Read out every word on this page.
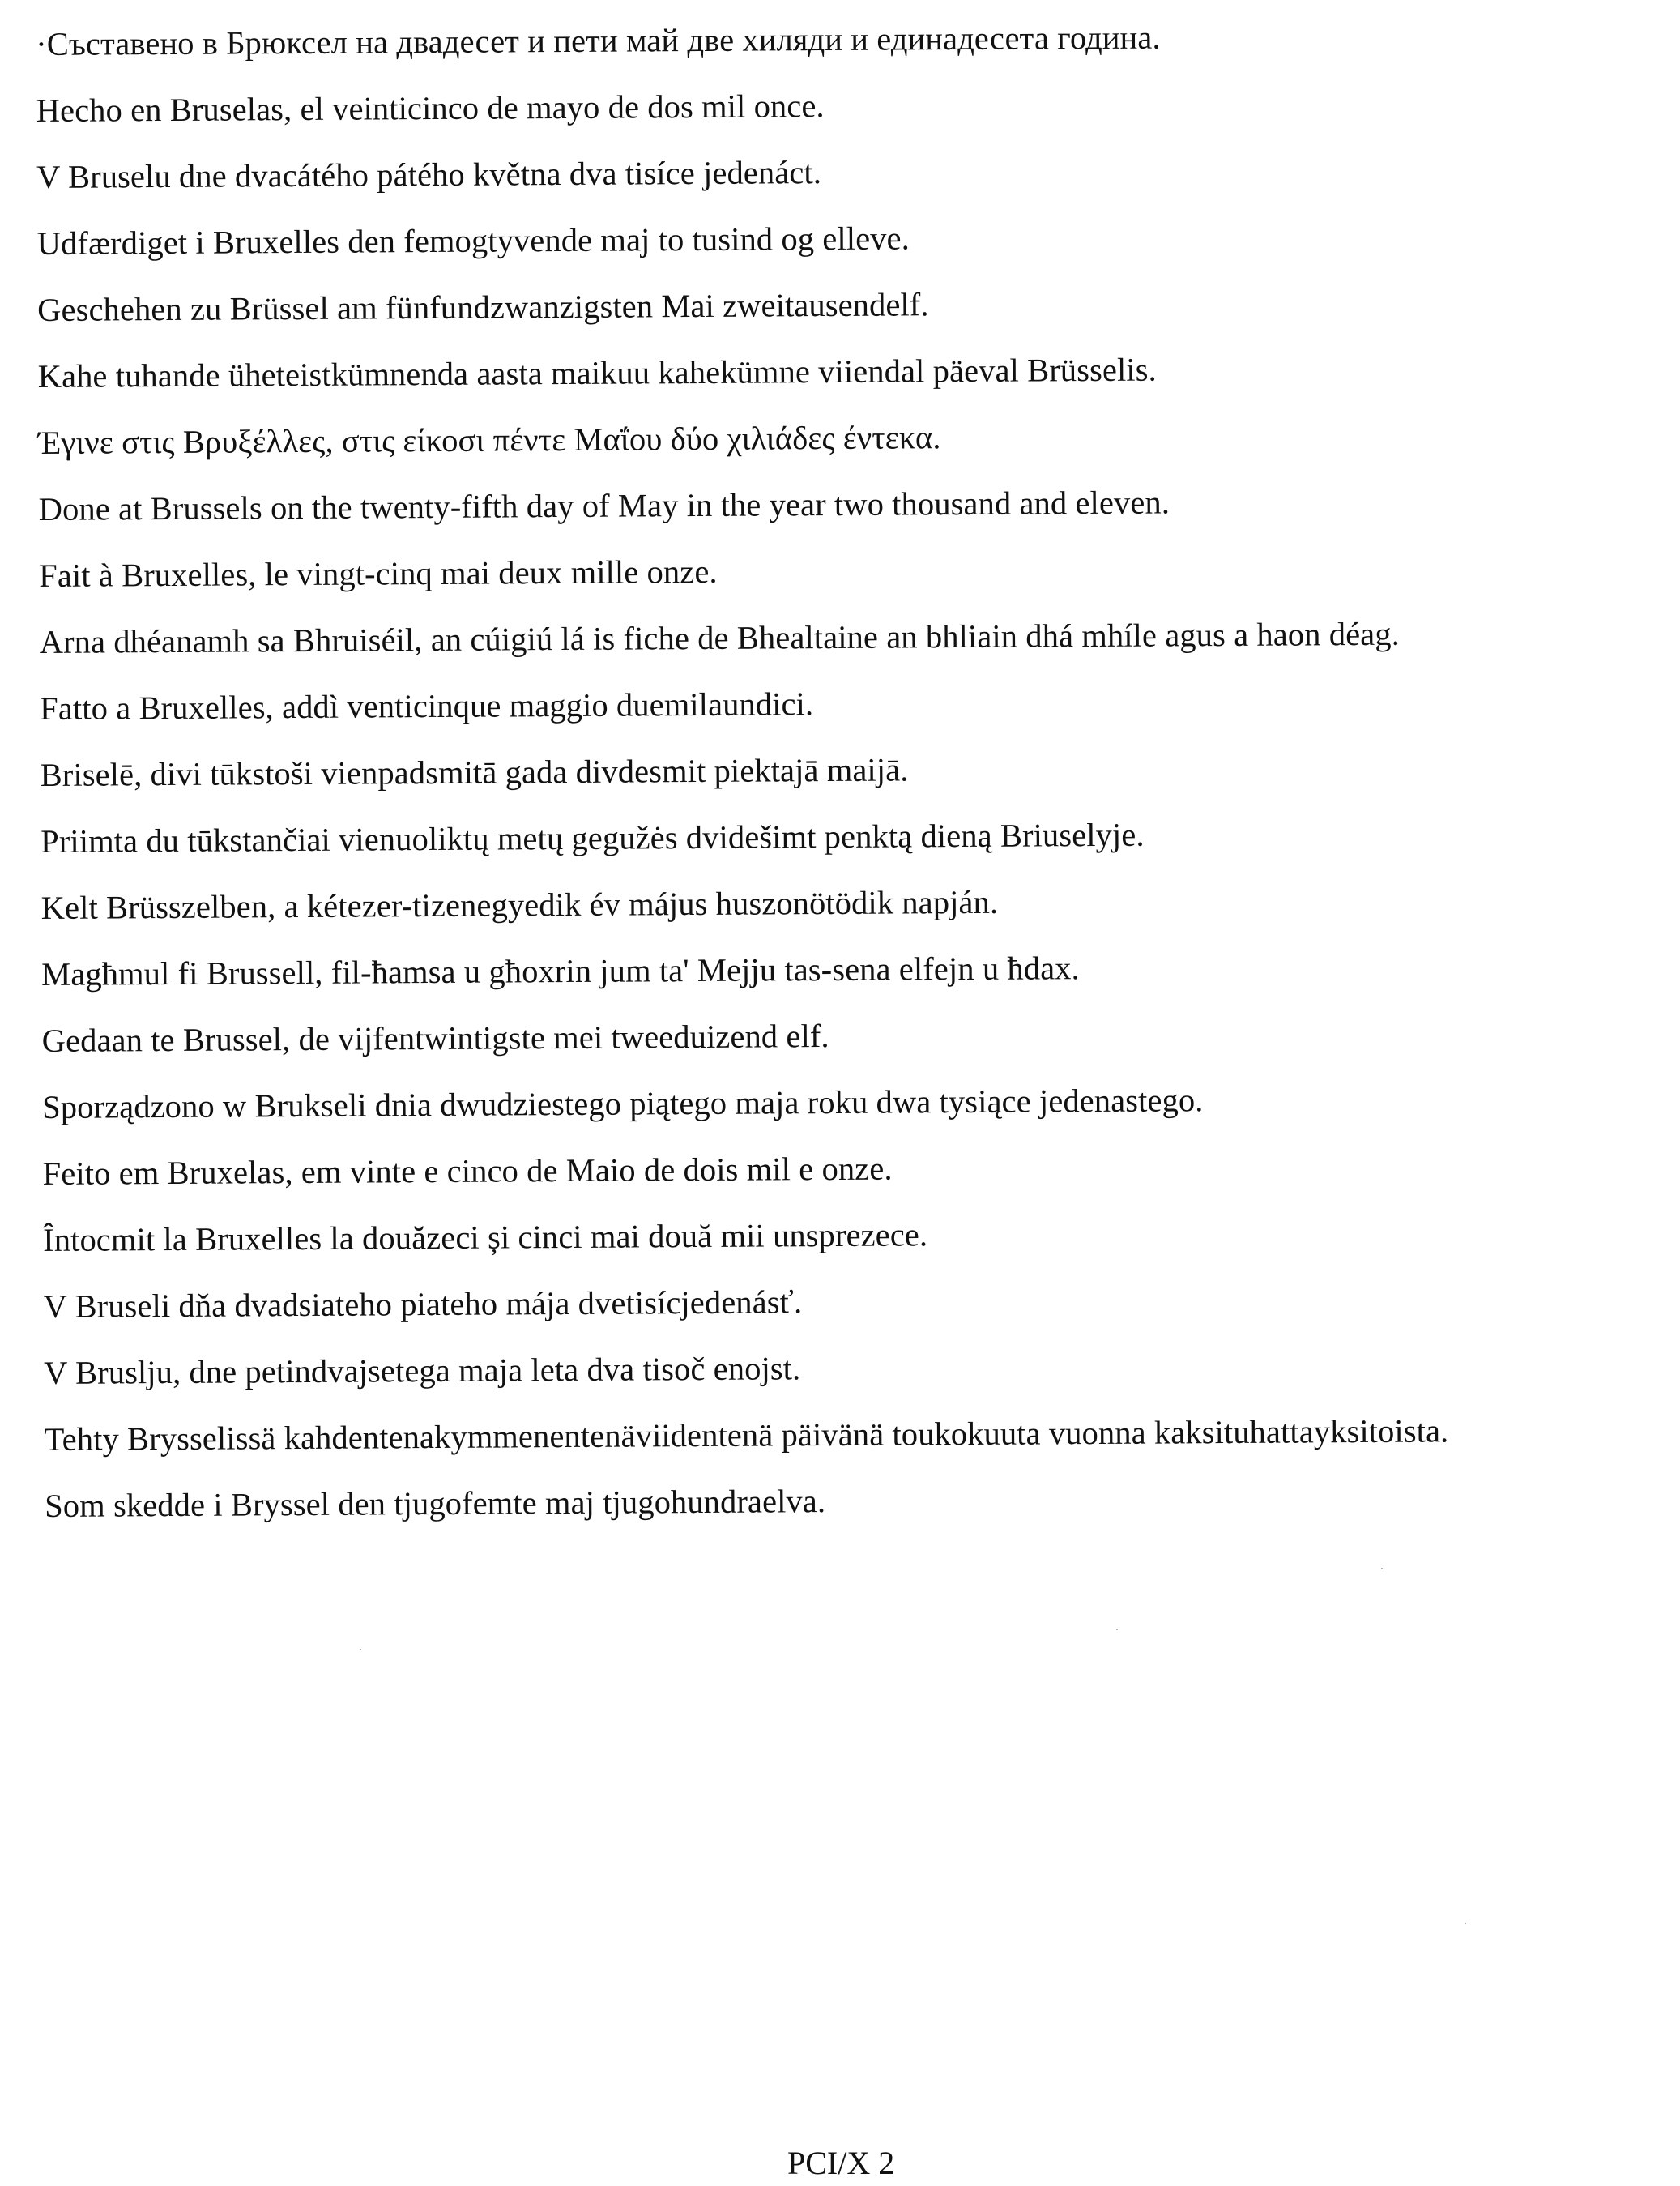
·Съставено в Брюксел на двадесет и пети май две хиляди и единадесета година.
Hecho en Bruselas, el veinticinco de mayo de dos mil once.
V Bruselu dne dvacátého pátého května dva tisíce jedenáct.
Udfærdiget i Bruxelles den femogtyvende maj to tusind og elleve.
Geschehen zu Brüssel am fünfundzwanzigsten Mai zweitausendelf.
Kahe tuhande üheteistkümnenda aasta maikuu kahekümne viiendal päeval Brüsselis.
Έγινε στις Βρυξέλλες, στις είκοσι πέντε Μαΐου δύο χιλιάδες έντεκα.
Done at Brussels on the twenty-fifth day of May in the year two thousand and eleven.
Fait à Bruxelles, le vingt-cinq mai deux mille onze.
Arna dhéanamh sa Bhruiséil, an cúigiú lá is fiche de Bhealtaine an bhliain dhá mhíle agus a haon déag.
Fatto a Bruxelles, addì venticinque maggio duemilaundici.
Briselē, divi tūkstoši vienpadsmitā gada divdesmit piektajā maijā.
Priimta du tūkstančiai vienuoliktų metų gegužės dvidešimt penktą dieną Briuselyje.
Kelt Brüsszelben, a kétezer-tizenegyedik év május huszonötödik napján.
Magħmul fi Brussell, fil-ħamsa u għoxrin jum ta' Mejju tas-sena elfejn u ħdax.
Gedaan te Brussel, de vijfentwintigste mei tweeduizend elf.
Sporządzono w Brukseli dnia dwudziestego piątego maja roku dwa tysiące jedenastego.
Feito em Bruxelas, em vinte e cinco de Maio de dois mil e onze.
Întocmit la Bruxelles la douăzeci și cinci mai două mii unsprezece.
V Bruseli dňa dvadsiateho piateho mája dvetisícjedenásť.
V Bruslju, dne petindvajsetega maja leta dva tisoč enojst.
Tehty Brysselissä kahdentenakymmenentenäviidentenä päivänä toukokuuta vuonna kaksituhattayksitoista.
Som skedde i Bryssel den tjugofemte maj tjugohundraelva.
PCI/X 2
